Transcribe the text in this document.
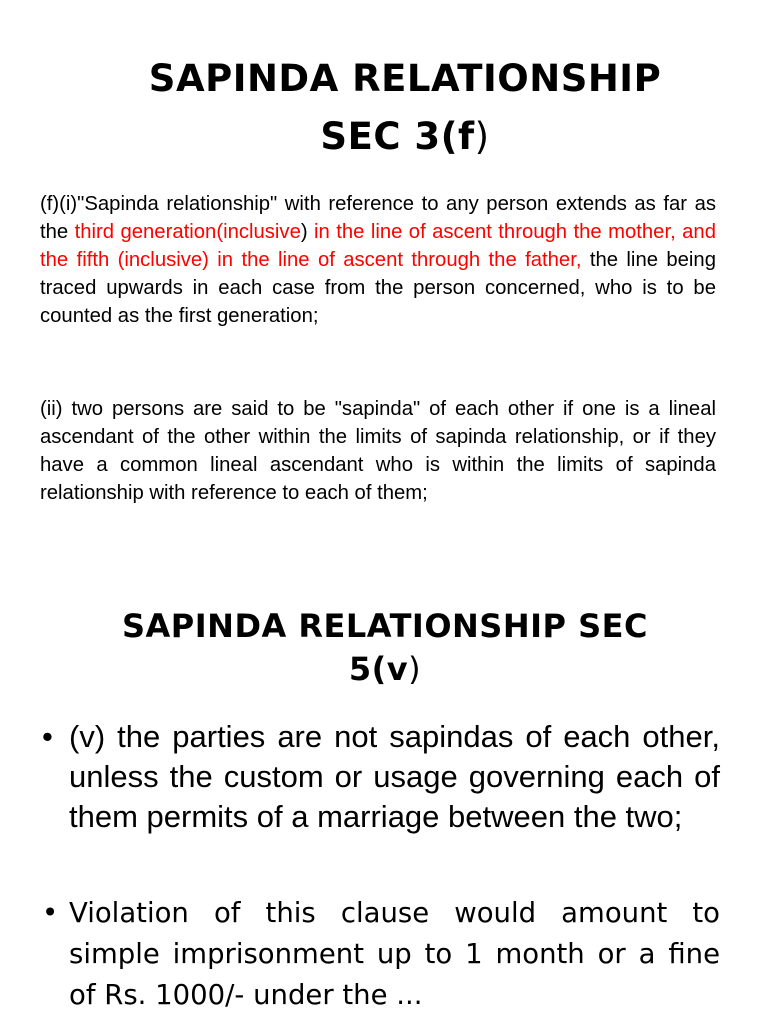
SAPINDA RELATIONSHIP
SEC 3(f)

(f)(i)"Sapinda relationship" with reference to any person extends as far as the third generation(inclusive) in the line of ascent through the mother, and the fifth (inclusive) in the line of ascent through the father, the line being traced upwards in each case from the person concerned, who is to be counted as the first generation;

(ii) two persons are said to be "sapinda" of each other if one is a lineal ascendant of the other within the limits of sapinda relationship, or if they have a common lineal ascendant who is within the limits of sapinda relationship with reference to each of them;

SAPINDA RELATIONSHIP SEC
5(v)
• (v) the parties are not sapindas of each other, unless the custom or usage governing each of them permits of a marriage between the two;
• Violation of this clause would amount to simple imprisonment up to 1 month or a fine of Rs. 1000/- under the ...
